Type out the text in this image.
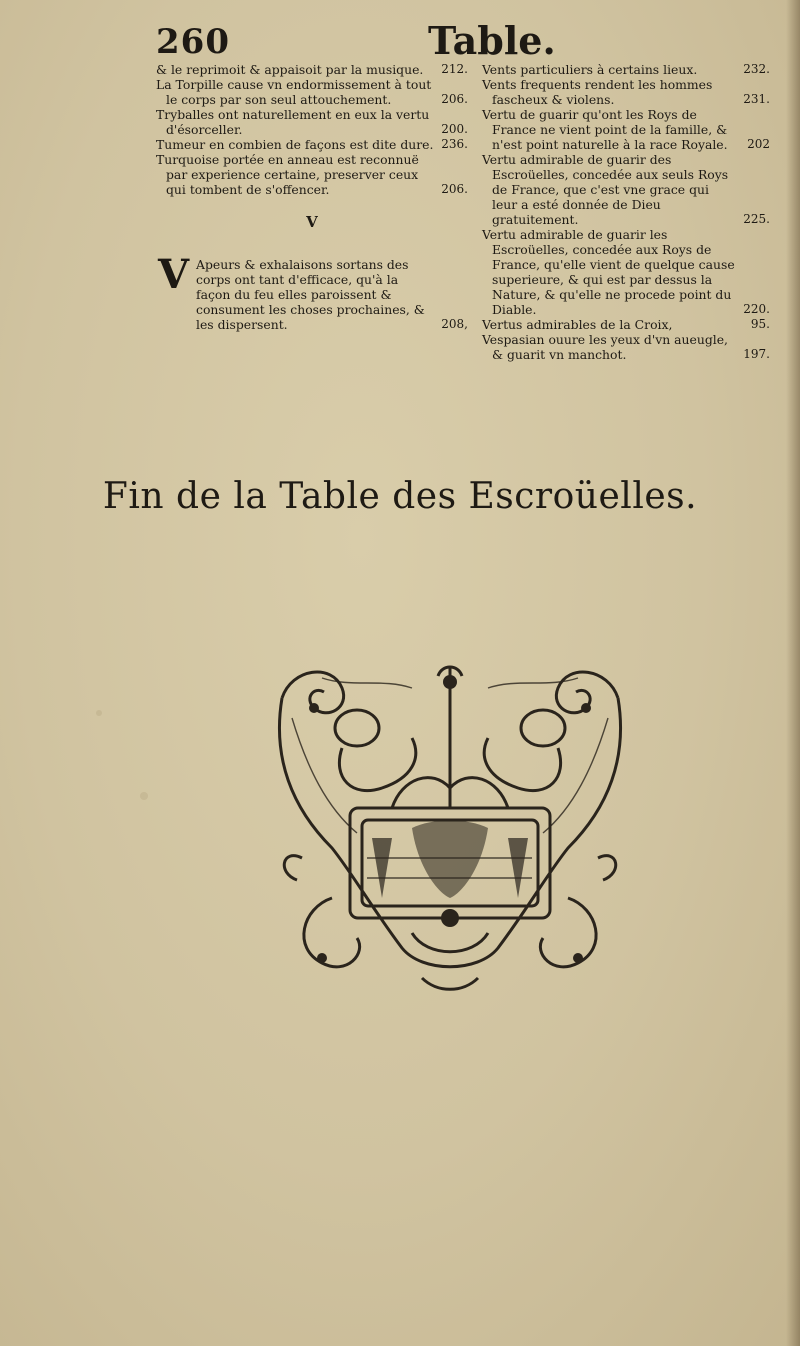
260	Table.

& le reprimoit & appaisoit par la musique. 212.

La Torpille cause vn endormissement à tout le corps par son seul attouchement.	206.

Tryballes ont naturellement en eux la vertu d'ésorceller.	200.

Tumeur en combien de façons est dite dure. 236.

Turquoise portée en anneau est reconnuë par experience certaine, preserver ceux qui tombent de s'offencer.	206.

V

V Apeurs & exhalaisons sortans des corps ont tant d'efficace, qu'à la façon du feu elles paroissent & consument les choses prochaines, & les dispersent.	208,

Vents particuliers à certains lieux.	232.

Vents frequents rendent les hommes fascheux & violens.	231.

Vertu de guarir qu'ont les Roys de France ne vient point de la famille, & n'est point naturelle à la race Royale. 202

Vertu admirable de guarir des Escroüelles, concedée aux seuls Roys de France, que c'est vne grace qui leur a esté donnée de Dieu gratuitement.	225.

Vertu admirable de guarir les Escroüelles, concedée aux Roys de France, qu'elle vient de quelque cause superieure, & qui est par dessus la Nature, & qu'elle ne procede point du Diable.	220.

Vertus admirables de la Croix,	95.

Vespasian ouure les yeux d'vn aueugle, & guarit vn manchot.	197.

Fin de la Table des Escroüelles.
